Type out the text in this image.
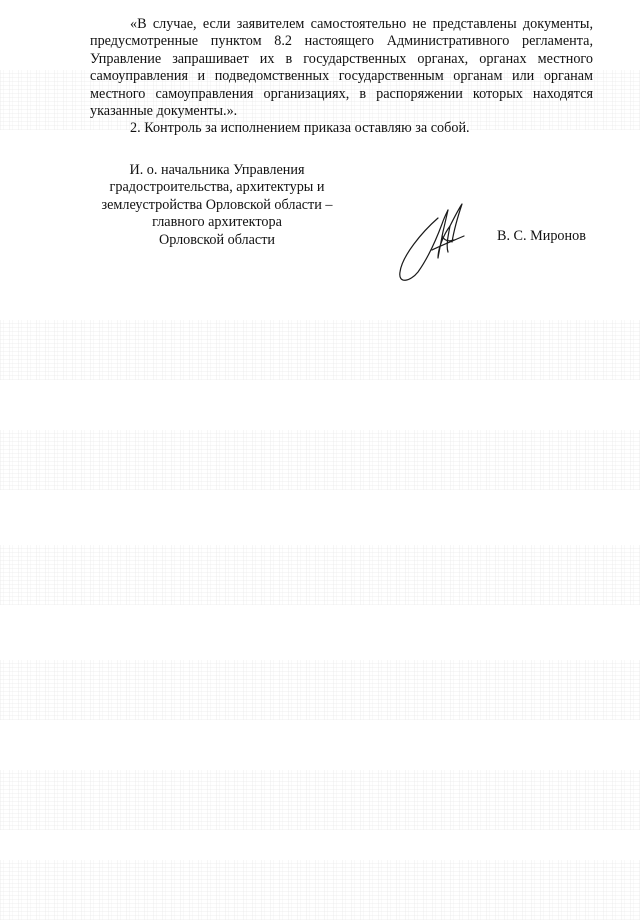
«В случае, если заявителем самостоятельно не представлены документы, предусмотренные пунктом 8.2 настоящего Административного регламента, Управление запрашивает их в государственных органах, органах местного самоуправления и подведомственных государственным органам или органам местного самоуправления организациях, в распоряжении которых находятся указанные документы.».

2. Контроль за исполнением приказа оставляю за собой.

И. о. начальника Управления
градостроительства, архитектуры и
землеустройства Орловской области –
главного архитектора
Орловской области	В. С. Миронов
